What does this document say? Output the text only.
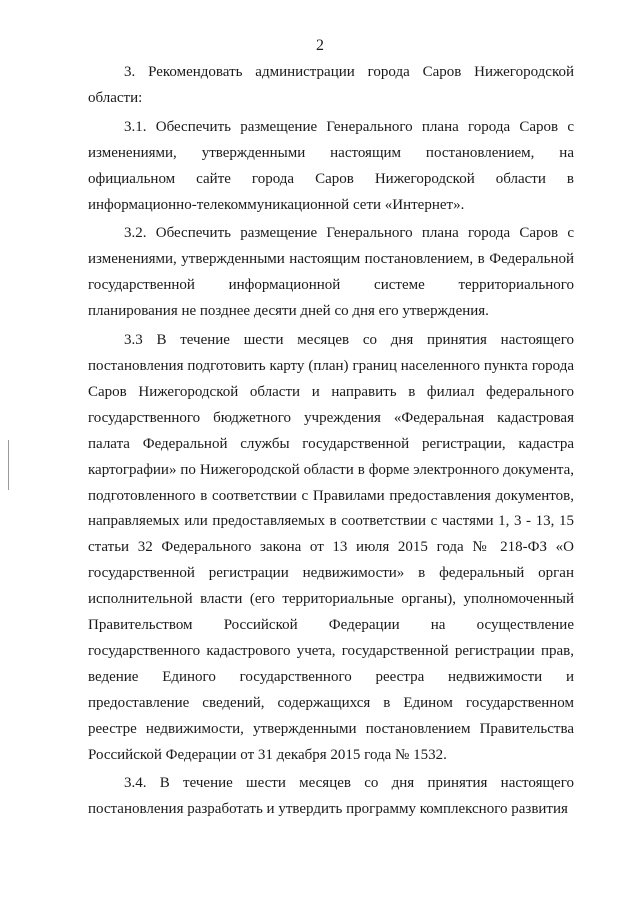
2

3. Рекомендовать администрации города Саров Нижегородской области:

3.1. Обеспечить размещение Генерального плана города Саров с изменениями, утвержденными настоящим постановлением, на официальном сайте города Саров Нижегородской области в информационно-телекоммуникационной сети «Интернет».

3.2. Обеспечить размещение Генерального плана города Саров с изменениями, утвержденными настоящим постановлением, в Федеральной государственной информационной системе территориального планирования не позднее десяти дней со дня его утверждения.

3.3 В течение шести месяцев со дня принятия настоящего постановления подготовить карту (план) границ населенного пункта города Саров Нижегородской области и направить в филиал федерального государственного бюджетного учреждения «Федеральная кадастровая палата Федеральной службы государственной регистрации, кадастра картографии» по Нижегородской области в форме электронного документа, подготовленного в соответствии с Правилами предоставления документов, направляемых или предоставляемых в соответствии с частями 1, 3 - 13, 15 статьи 32 Федерального закона от 13 июля 2015 года № 218-ФЗ «О государственной регистрации недвижимости» в федеральный орган исполнительной власти (его территориальные органы), уполномоченный Правительством Российской Федерации на осуществление государственного кадастрового учета, государственной регистрации прав, ведение Единого государственного реестра недвижимости и предоставление сведений, содержащихся в Едином государственном реестре недвижимости, утвержденными постановлением Правительства Российской Федерации от 31 декабря 2015 года № 1532.

3.4. В течение шести месяцев со дня принятия настоящего постановления разработать и утвердить программу комплексного развития
